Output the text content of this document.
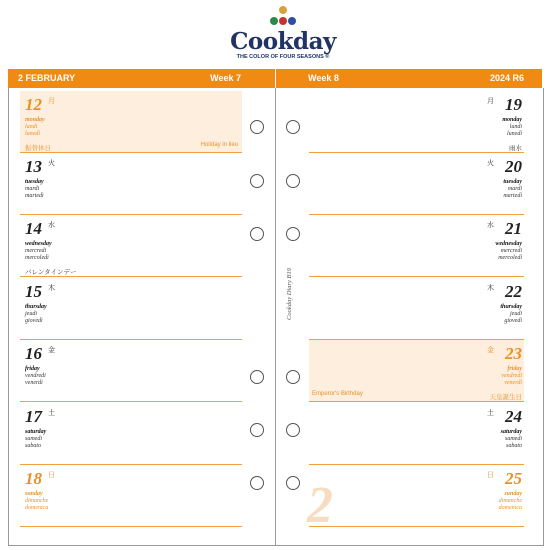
Cookday
THE COLOR OF FOUR SEASONS ®
2 FEBRUARY	Week 7	Week 8	2024 R6
12 月
monday
lundi
lunedì
振替休日	Holiday in lieu
13 火
tuesday
mardi
martedì
14 水
wednesday
mercredi
mercoledì
バレンタインデー
15 木
thursday
jeudi
giovedì
16 金
friday
vendredi
venerdì
17 土
saturday
samedi
sabato
18 日
sunday
dimanche
domenica
19
月
monday
lundi
lunedì
雨水
20
火
tuesday
mardi
martedì
21
水
wednesday
mercredi
mercoledì
22
木
thursday
jeudi
giovedì
23
金
friday
vendredi
venerdì
天皇誕生日
Emperor's Birthday
24
土
saturday
samedi
sabato
25
日
sunday
dimanche
domenica
Cookday Diary B19
2
